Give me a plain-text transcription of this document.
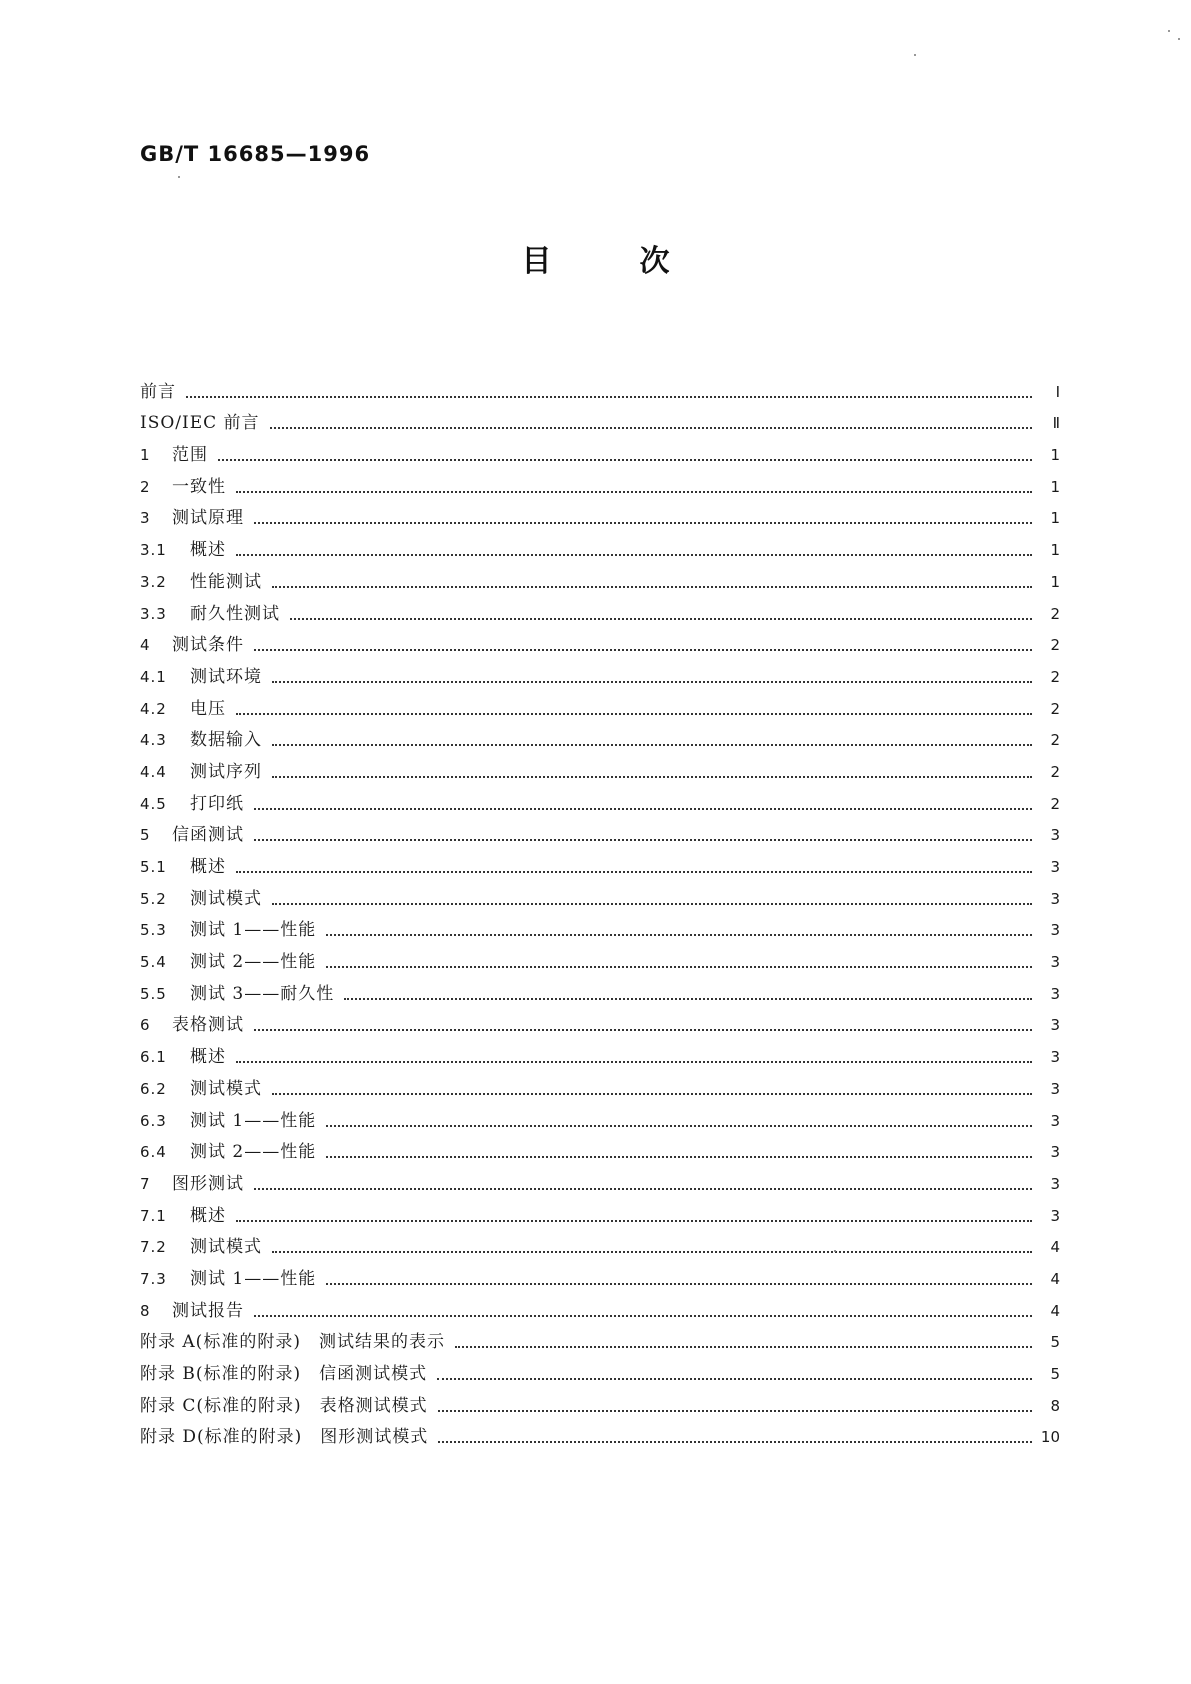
GB/T 16685—1996
目次
前言	I
ISO/IEC 前言	Ⅱ
1	范围	1
2	一致性	1
3	测试原理	1
3.1	概述	1
3.2	性能测试	1
3.3	耐久性测试	2
4	测试条件	2
4.1	测试环境	2
4.2	电压	2
4.3	数据输入	2
4.4	测试序列	2
4.5	打印纸	2
5	信函测试	3
5.1	概述	3
5.2	测试模式	3
5.3	测试 1——性能	3
5.4	测试 2——性能	3
5.5	测试 3——耐久性	3
6	表格测试	3
6.1	概述	3
6.2	测试模式	3
6.3	测试 1——性能	3
6.4	测试 2——性能	3
7	图形测试	3
7.1	概述	3
7.2	测试模式	4
7.3	测试 1——性能	4
8	测试报告	4
附录 A(标准的附录)　测试结果的表示	5
附录 B(标准的附录)　信函测试模式	5
附录 C(标准的附录)　表格测试模式	8
附录 D(标准的附录)　图形测试模式	10
